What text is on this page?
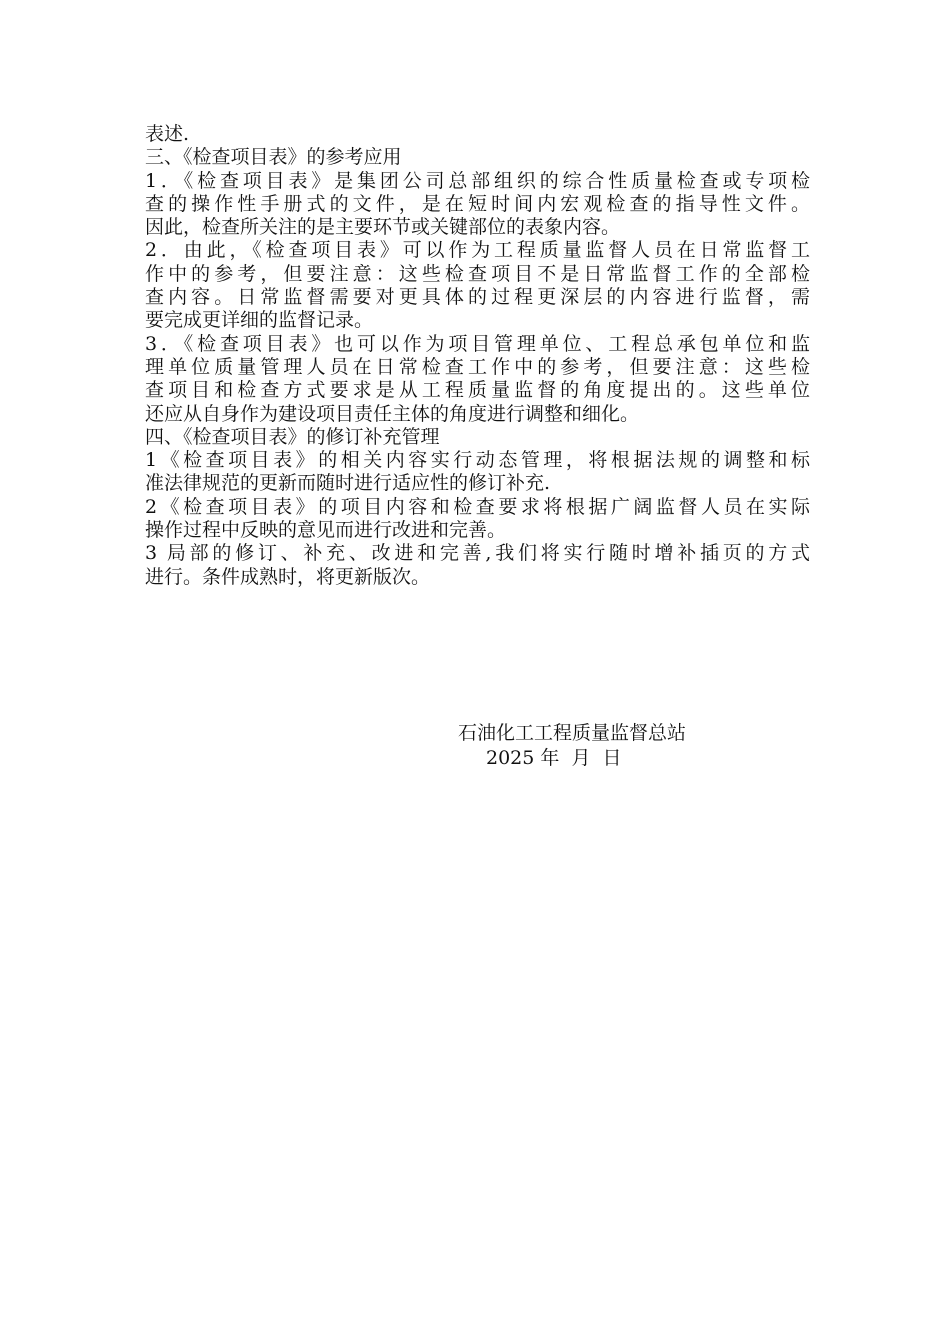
表述.
三、《检查项目表》的参考应用
1．《检查项目表》是集团公司总部组织的综合性质量检查或专项检
查的操作性手册式的文件，是在短时间内宏观检查的指导性文件。
因此，检查所关注的是主要环节或关键部位的表象内容。
2．由此，《检查项目表》可以作为工程质量监督人员在日常监督工
作中的参考，但要注意：这些检查项目不是日常监督工作的全部检
查内容。日常监督需要对更具体的过程更深层的内容进行监督，需
要完成更详细的监督记录。
3．《检查项目表》也可以作为项目管理单位、工程总承包单位和监
理单位质量管理人员在日常检查工作中的参考，但要注意：这些检
查项目和检查方式要求是从工程质量监督的角度提出的。这些单位
还应从自身作为建设项目责任主体的角度进行调整和细化。
四、《检查项目表》的修订补充管理
1《检查项目表》的相关内容实行动态管理，将根据法规的调整和标
准法律规范的更新而随时进行适应性的修订补充.
2《检查项目表》的项目内容和检查要求将根据广阔监督人员在实际
操作过程中反映的意见而进行改进和完善。
3 局部的修订、补充、改进和完善,我们将实行随时增补插页的方式
进行。条件成熟时，将更新版次。
石油化工工程质量监督总站
2025 年  月  日
